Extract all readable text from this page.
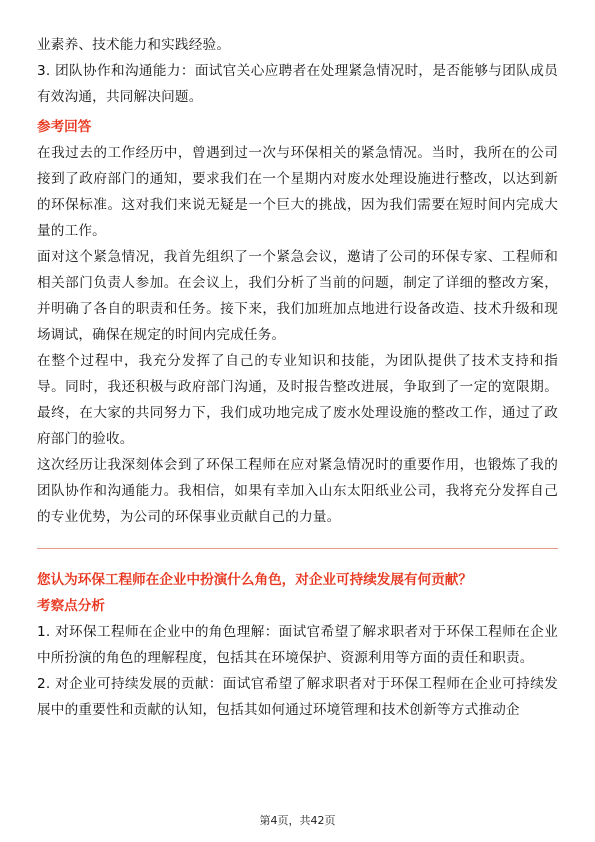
业素养、技术能力和实践经验。

3. 团队协作和沟通能力：面试官关心应聘者在处理紧急情况时，是否能够与团队成员有效沟通，共同解决问题。

参考回答

在我过去的工作经历中，曾遇到过一次与环保相关的紧急情况。当时，我所在的公司接到了政府部门的通知，要求我们在一个星期内对废水处理设施进行整改，以达到新的环保标准。这对我们来说无疑是一个巨大的挑战，因为我们需要在短时间内完成大量的工作。

面对这个紧急情况，我首先组织了一个紧急会议，邀请了公司的环保专家、工程师和相关部门负责人参加。在会议上，我们分析了当前的问题，制定了详细的整改方案，并明确了各自的职责和任务。接下来，我们加班加点地进行设备改造、技术升级和现场调试，确保在规定的时间内完成任务。

在整个过程中，我充分发挥了自己的专业知识和技能，为团队提供了技术支持和指导。同时，我还积极与政府部门沟通，及时报告整改进展，争取到了一定的宽限期。最终，在大家的共同努力下，我们成功地完成了废水处理设施的整改工作，通过了政府部门的验收。

这次经历让我深刻体会到了环保工程师在应对紧急情况时的重要作用，也锻炼了我的团队协作和沟通能力。我相信，如果有幸加入山东太阳纸业公司，我将充分发挥自己的专业优势，为公司的环保事业贡献自己的力量。

您认为环保工程师在企业中扮演什么角色，对企业可持续发展有何贡献？

考察点分析

1. 对环保工程师在企业中的角色理解：面试官希望了解求职者对于环保工程师在企业中所扮演的角色的理解程度，包括其在环境保护、资源利用等方面的责任和职责。

2. 对企业可持续发展的贡献：面试官希望了解求职者对于环保工程师在企业可持续发展中的重要性和贡献的认知，包括其如何通过环境管理和技术创新等方式推动企

第4页，共42页
